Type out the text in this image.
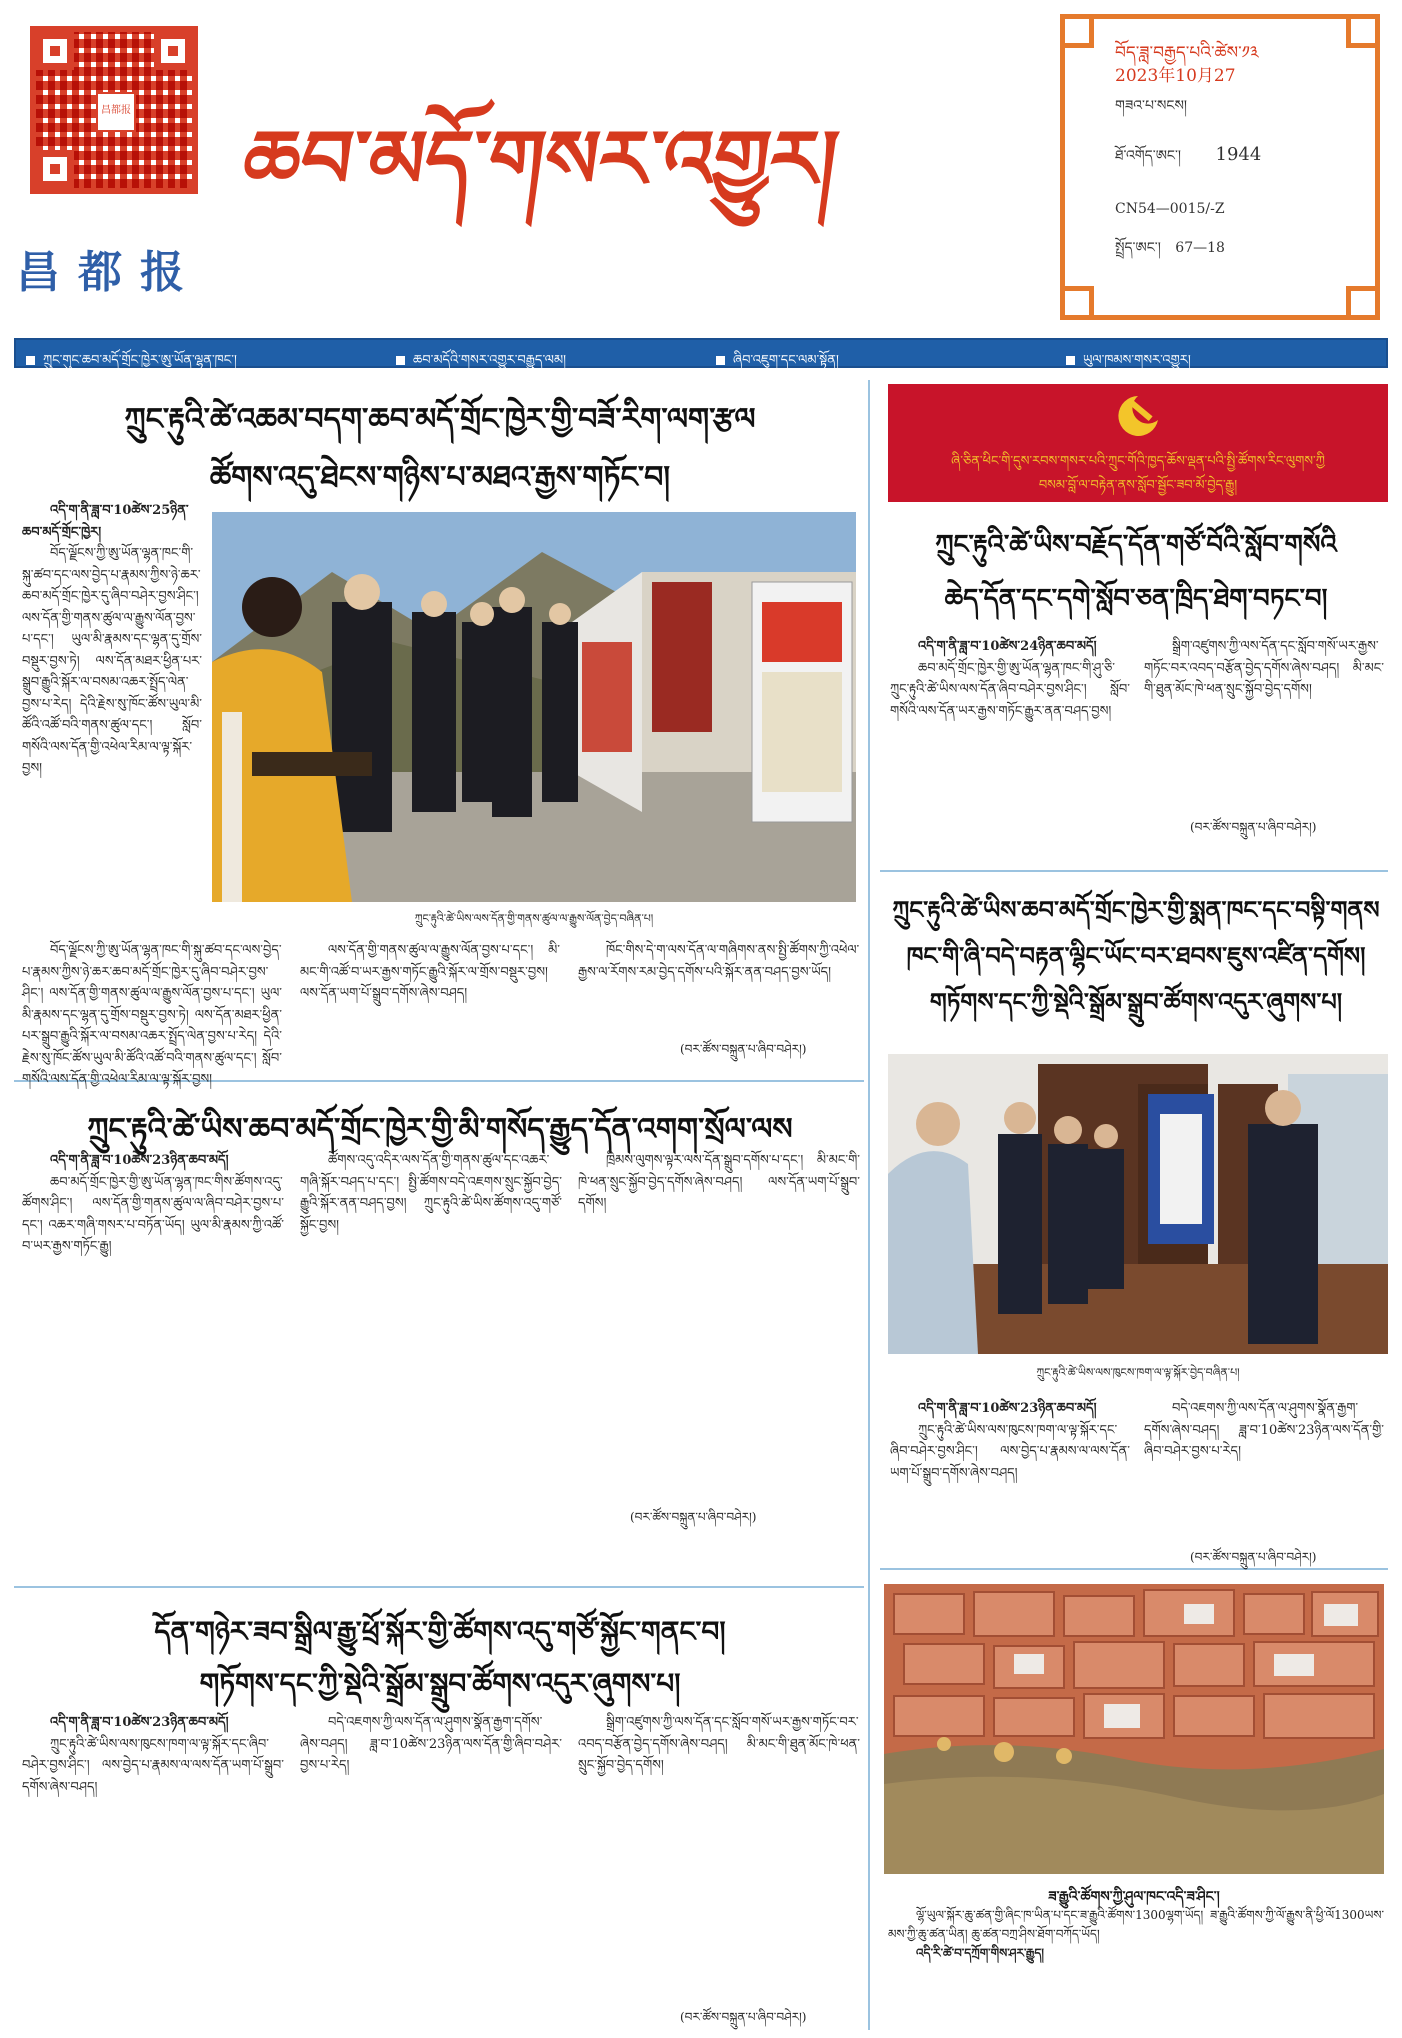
昌都报
昌都报
ཆབ་མདོ་གསར་འགྱུར།
བོད་ཟླ་བརྒྱད་པའི་ཚེས་༡༣
2023年10月27
གཟའ་པ་སངས།
ཐོ་འགོད་ཨང་། 1944
CN54—0015/-Z
སྤྲོད་ཨང་། 67—18
ཀྲུང་གུང་ཆབ་མདོ་གྲོང་ཁྱེར་ཨུ་ཡོན་ལྷན་ཁང་།	ཆབ་མདོའི་གསར་འགྱུར་བརྒྱུད་ལམ།	ཞིབ་འཇུག་དང་ལམ་སྟོན།	ཡུལ་ཁམས་གསར་འགྱུར།
ཀྲུང་རྟུའི་ཚེ་འཆམ་བདག་ཆབ་མདོ་གྲོང་ཁྱེར་གྱི་བཟོ་རིག་ལག་རྩལ
ཚོགས་འདུ་ཐེངས་གཉིས་པ་མཐའ་རྒྱས་གཏོང་བ།

འདི་ག་ནི་ཟླ་བ་10ཚེས་25ཉིན་ཆབ་མདོ་གྲོང་ཁྱེར།

བོད་ལྗོངས་ཀྱི་ཨུ་ཡོན་ལྷན་ཁང་གི་སྐུ་ཚབ་དང་ལས་བྱེད་པ་རྣམས་ཀྱིས་ཉེ་ཆར་ཆབ་མདོ་གྲོང་ཁྱེར་དུ་ཞིབ་བཤེར་བྱས་ཤིང་། ལས་དོན་གྱི་གནས་ཚུལ་ལ་རྒྱུས་ལོན་བྱས་པ་དང་། ཡུལ་མི་རྣམས་དང་ལྷན་དུ་གྲོས་བསྡུར་བྱས་ཏེ། ལས་དོན་མཐར་ཕྱིན་པར་སྒྲུབ་རྒྱུའི་སྐོར་ལ་བསམ་འཆར་སྤྲོད་ལེན་བྱས་པ་རེད། དེའི་རྗེས་སུ་ཁོང་ཚོས་ཡུལ་མི་ཚོའི་འཚོ་བའི་གནས་ཚུལ་དང་། སློབ་གསོའི་ལས་དོན་གྱི་འཕེལ་རིམ་ལ་ལྟ་སྐོར་བྱས།

ཀྲུང་རྟུའི་ཚེ་ཡིས་ལས་དོན་གྱི་གནས་ཚུལ་ལ་རྒྱུས་ལོན་བྱེད་བཞིན་པ།

བོད་ལྗོངས་ཀྱི་ཨུ་ཡོན་ལྷན་ཁང་གི་སྐུ་ཚབ་དང་ལས་བྱེད་པ་རྣམས་ཀྱིས་ཉེ་ཆར་ཆབ་མདོ་གྲོང་ཁྱེར་དུ་ཞིབ་བཤེར་བྱས་ཤིང་། ལས་དོན་གྱི་གནས་ཚུལ་ལ་རྒྱུས་ལོན་བྱས་པ་དང་། ཡུལ་མི་རྣམས་དང་ལྷན་དུ་གྲོས་བསྡུར་བྱས་ཏེ། ལས་དོན་མཐར་ཕྱིན་པར་སྒྲུབ་རྒྱུའི་སྐོར་ལ་བསམ་འཆར་སྤྲོད་ལེན་བྱས་པ་རེད། དེའི་རྗེས་སུ་ཁོང་ཚོས་ཡུལ་མི་ཚོའི་འཚོ་བའི་གནས་ཚུལ་དང་། སློབ་གསོའི་ལས་དོན་གྱི་འཕེལ་རིམ་ལ་ལྟ་སྐོར་བྱས།

ལས་དོན་གྱི་གནས་ཚུལ་ལ་རྒྱུས་ལོན་བྱས་པ་དང་། མི་མང་གི་འཚོ་བ་ཡར་རྒྱས་གཏོང་རྒྱུའི་སྐོར་ལ་གྲོས་བསྡུར་བྱས། ལས་དོན་ཡག་པོ་སྒྲུབ་དགོས་ཞེས་བཤད།

ཁོང་གིས་དེ་ག་ལས་དོན་ལ་གཞིགས་ནས་སྤྱི་ཚོགས་ཀྱི་འཕེལ་རྒྱས་ལ་རོགས་རམ་བྱེད་དགོས་པའི་སྐོར་ནན་བཤད་བྱས་ཡོད།

(བར་ཚོས་བསྐྲུན་པ་ཞིབ་བཤེར།)
ཀྲུང་རྟུའི་ཚེ་ཡིས་ཆབ་མདོ་གྲོང་ཁྱེར་གྱི་མི་གསོད་རྒྱུད་དོན་འགག་སྲོལ་ལས

འདི་ག་ནི་ཟླ་བ་10ཚེས་23ཉིན་ཆབ་མདོ།

ཆབ་མདོ་གྲོང་ཁྱེར་གྱི་ཨུ་ཡོན་ལྷན་ཁང་གིས་ཚོགས་འདུ་ཚོགས་ཤིང་། ལས་དོན་གྱི་གནས་ཚུལ་ལ་ཞིབ་བཤེར་བྱས་པ་དང་། འཆར་གཞི་གསར་པ་བཏོན་ཡོད། ཡུལ་མི་རྣམས་ཀྱི་འཚོ་བ་ཡར་རྒྱས་གཏོང་རྒྱུ།

ཚོགས་འདུ་འདིར་ལས་དོན་གྱི་གནས་ཚུལ་དང་འཆར་གཞི་སྐོར་བཤད་པ་དང་། སྤྱི་ཚོགས་བདེ་འཇགས་སྲུང་སྐྱོབ་བྱེད་རྒྱུའི་སྐོར་ནན་བཤད་བྱས། ཀྲུང་རྟུའི་ཚེ་ཡིས་ཚོགས་འདུ་གཙོ་སྐྱོང་བྱས།

ཁྲིམས་ལུགས་ལྟར་ལས་དོན་སྒྲུབ་དགོས་པ་དང་། མི་མང་གི་ཁེ་ཕན་སྲུང་སྐྱོབ་བྱེད་དགོས་ཞེས་བཤད། ལས་དོན་ཡག་པོ་སྒྲུབ་དགོས།

(བར་ཚོས་བསྐྲུན་པ་ཞིབ་བཤེར།)
དོན་གཉེར་ཟབ་སྒྲིལ་རྒྱུ་ཕྲོ་སྐོར་གྱི་ཚོགས་འདུ་གཙོ་སྐྱོང་གནང་བ།
གཏོགས་དང་ཀྱི་སྡེའི་སྒྲོམ་སྒྲུབ་ཚོགས་འདུར་ཞུགས་པ།

འདི་ག་ནི་ཟླ་བ་10ཚེས་23ཉིན་ཆབ་མདོ།

ཀྲུང་རྟུའི་ཚེ་ཡིས་ལས་ཁུངས་ཁག་ལ་ལྟ་སྐོར་དང་ཞིབ་བཤེར་བྱས་ཤིང་། ལས་བྱེད་པ་རྣམས་ལ་ལས་དོན་ཡག་པོ་སྒྲུབ་དགོས་ཞེས་བཤད།

བདེ་འཇགས་ཀྱི་ལས་དོན་ལ་ཤུགས་སྣོན་རྒྱག་དགོས་ཞེས་བཤད། ཟླ་བ་10ཚེས་23ཉིན་ལས་དོན་གྱི་ཞིབ་བཤེར་བྱས་པ་རེད།

སྒྲིག་འཛུགས་ཀྱི་ལས་དོན་དང་སློབ་གསོ་ཡར་རྒྱས་གཏོང་བར་འབད་བརྩོན་བྱེད་དགོས་ཞེས་བཤད། མི་མང་གི་ཐུན་མོང་ཁེ་ཕན་སྲུང་སྐྱོབ་བྱེད་དགོས།

(བར་ཚོས་བསྐྲུན་པ་ཞིབ་བཤེར།)
ཞི་ཅིན་ཕིང་གི་དུས་རབས་གསར་པའི་ཀྲུང་གོའི་ཁྱད་ཆོས་ལྡན་པའི་སྤྱི་ཚོགས་རིང་ལུགས་ཀྱི
བསམ་བློ་ལ་བརྟེན་ནས་སློབ་སྦྱོང་ཟབ་མོ་བྱེད་རྒྱུ།
ཀྲུང་རྟུའི་ཚེ་ཡིས་བརྗོད་དོན་གཙོ་བོའི་སློབ་གསོའི
ཆེད་དོན་དང་དགེ་སློབ་ཅན་ཁྲིད་ཐེག་བཏང་བ།

འདི་ག་ནི་ཟླ་བ་10ཚེས་24ཉིན་ཆབ་མདོ།

ཆབ་མདོ་གྲོང་ཁྱེར་གྱི་ཨུ་ཡོན་ལྷན་ཁང་གི་ཤུ་ཅི་ཀྲུང་རྟུའི་ཚེ་ཡིས་ལས་དོན་ཞིབ་བཤེར་བྱས་ཤིང་། སློབ་གསོའི་ལས་དོན་ཡར་རྒྱས་གཏོང་རྒྱུར་ནན་བཤད་བྱས།

སྒྲིག་འཛུགས་ཀྱི་ལས་དོན་དང་སློབ་གསོ་ཡར་རྒྱས་གཏོང་བར་འབད་བརྩོན་བྱེད་དགོས་ཞེས་བཤད། མི་མང་གི་ཐུན་མོང་ཁེ་ཕན་སྲུང་སྐྱོབ་བྱེད་དགོས།

(བར་ཚོས་བསྐྲུན་པ་ཞིབ་བཤེར།)
ཀྲུང་རྟུའི་ཚེ་ཡིས་ཆབ་མདོ་གྲོང་ཁྱེར་གྱི་སྨན་ཁང་དང་བསྟི་གནས
ཁང་གི་ཞི་བདེ་བརྟན་ལྷིང་ཡོང་བར་ཐབས་ཇུས་འཛིན་དགོས།
གཏོགས་དང་ཀྱི་སྡེའི་སྒྲོམ་སྒྲུབ་ཚོགས་འདུར་ཞུགས་པ།
ཀྲུང་རྟུའི་ཚེ་ཡིས་ལས་ཁུངས་ཁག་ལ་ལྟ་སྐོར་བྱེད་བཞིན་པ།

འདི་ག་ནི་ཟླ་བ་10ཚེས་23ཉིན་ཆབ་མདོ།

ཀྲུང་རྟུའི་ཚེ་ཡིས་ལས་ཁུངས་ཁག་ལ་ལྟ་སྐོར་དང་ཞིབ་བཤེར་བྱས་ཤིང་། ལས་བྱེད་པ་རྣམས་ལ་ལས་དོན་ཡག་པོ་སྒྲུབ་དགོས་ཞེས་བཤད།

བདེ་འཇགས་ཀྱི་ལས་དོན་ལ་ཤུགས་སྣོན་རྒྱག་དགོས་ཞེས་བཤད། ཟླ་བ་10ཚེས་23ཉིན་ལས་དོན་གྱི་ཞིབ་བཤེར་བྱས་པ་རེད།

(བར་ཚོས་བསྐྲུན་པ་ཞིབ་བཤེར།)
ཟ་རྒྱུའི་ཚོགས་ཀྱི་ཤུལ་ཁང་འདི་ཟ་ཤིང་།

ལྷོ་ཡུལ་སྐོར་ཆུ་ཚན་གྱི་ཞིང་ཁ་ཡིན་པ་དང་ཟ་རྒྱུའི་ཚོགས་1300ལྷག་ཡོད། ཟ་རྒྱུའི་ཚོགས་ཀྱི་ལོ་རྒྱུས་ནི་ཕྱི་ལོ1300ཡས་མས་ཀྱི་ཆུ་ཚན་ཡིན། ཆུ་ཚན་བཀྲ་ཤིས་ཐོག་བཀོད་ཡོད།

འདི་རི་ཚེ་བ་དཀྲོག་གིས་ཤར་རྒྱུད།
